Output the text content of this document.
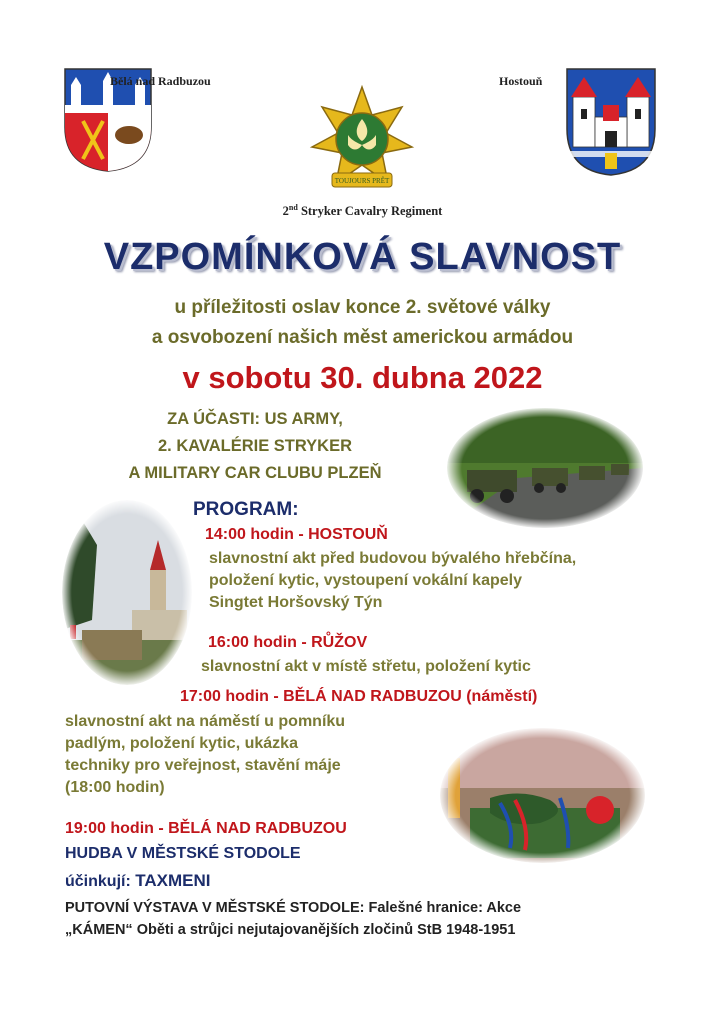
Bělá nad Radbuzou
TOUJOURS PRÊT
Hostouň
2nd Stryker Cavalry Regiment
VZPOMÍNKOVÁ SLAVNOST
u příležitosti oslav konce 2. světové války
a osvobození našich měst americkou armádou
v sobotu 30. dubna 2022
ZA ÚČASTI: US ARMY,
2. KAVALÉRIE STRYKER
A MILITARY CAR CLUBU PLZEŇ
PROGRAM:
14:00 hodin - HOSTOUŇ
slavnostní akt před budovou bývalého hřebčína,
položení kytic, vystoupení vokální kapely
Singtet Horšovský Týn
16:00 hodin - RŮŽOV
slavnostní akt v místě střetu, položení kytic
17:00 hodin - BĚLÁ NAD RADBUZOU (náměstí)
slavnostní akt na náměstí u pomníku
padlým, položení kytic, ukázka
techniky pro veřejnost, stavění máje
(18:00 hodin)
19:00 hodin - BĚLÁ NAD RADBUZOU
HUDBA V MĚSTSKÉ STODOLE
účinkují: TAXMENI
PUTOVNÍ VÝSTAVA V MĚSTSKÉ STODOLE: Falešné hranice: Akce
„KÁMEN“ Oběti a strůjci nejutajovanějších zločinů StB 1948-1951
